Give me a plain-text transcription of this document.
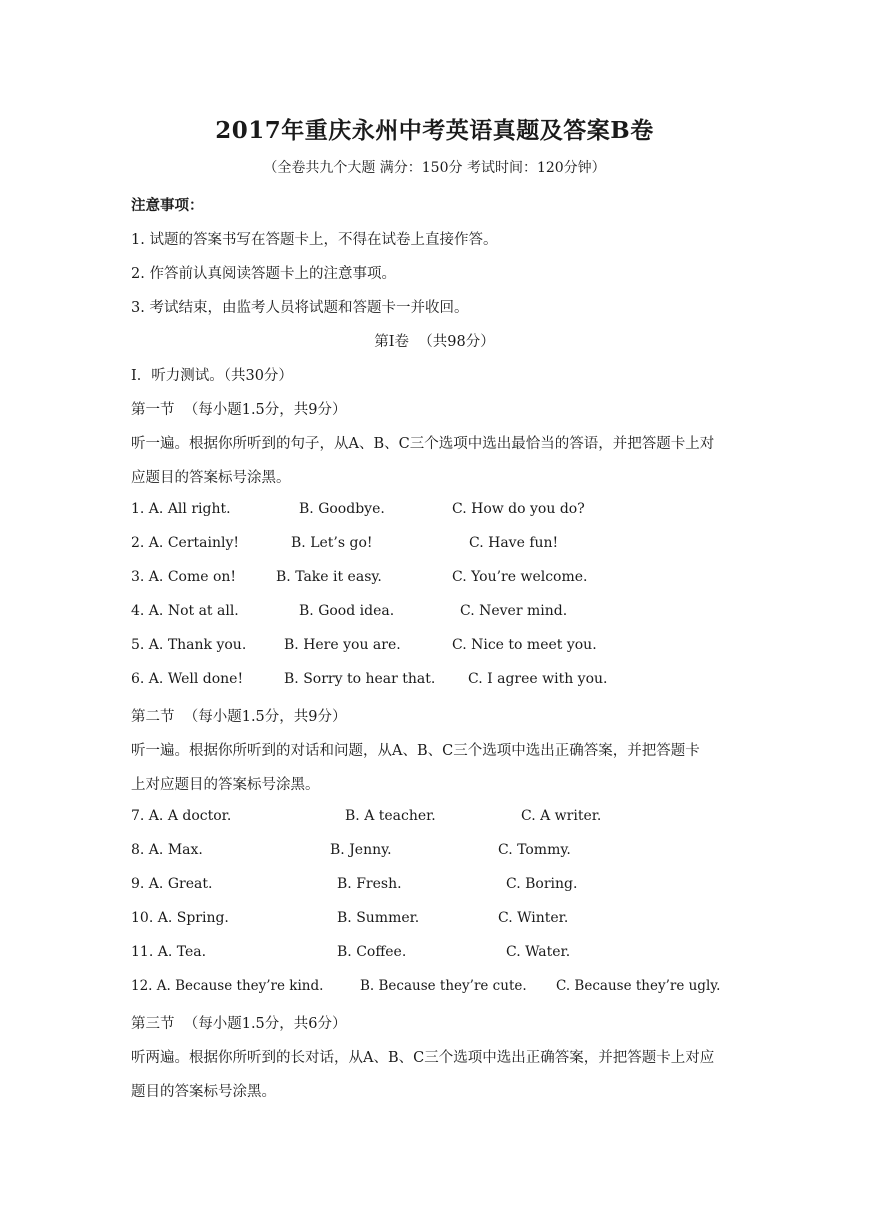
2017年重庆永州中考英语真题及答案B卷
（全卷共九个大题 满分：150分 考试时间：120分钟）
注意事项：
1. 试题的答案书写在答题卡上，不得在试卷上直接作答。
2. 作答前认真阅读答题卡上的注意事项。
3. 考试结束，由监考人员将试题和答题卡一并收回。
第Ⅰ卷  （共98分）
I．听力测试。（共30分）
第一节  （每小题1.5分，共9分）
听一遍。根据你所听到的句子，从A、B、C三个选项中选出最恰当的答语，并把答题卡上对
应题目的答案标号涂黑。
1. A. All right.	B. Goodbye.	C. How do you do?
2. A. Certainly!	B. Let’s go!	C. Have fun!
3. A. Come on!	B. Take it easy.	C. You’re welcome.
4. A. Not at all.	B. Good idea.	C. Never mind.
5. A. Thank you.	B. Here you are.	C. Nice to meet you.
6. A. Well done!	B. Sorry to hear that. C. I agree with you.
第二节  （每小题1.5分，共9分）
听一遍。根据你所听到的对话和问题，从A、B、C三个选项中选出正确答案，并把答题卡
上对应题目的答案标号涂黑。
7. A. A doctor.	B. A teacher.	C. A writer.
8. A. Max.	B. Jenny.	C. Tommy.
9. A. Great.	B. Fresh.	C. Boring.
10. A. Spring.	B. Summer.	C. Winter.
11. A. Tea.	B. Coffee.	C. Water.
12. A. Because they’re kind.	B. Because they’re cute. C. Because they’re ugly.
第三节  （每小题1.5分，共6分）
听两遍。根据你所听到的长对话，从A、B、C三个选项中选出正确答案，并把答题卡上对应
题目的答案标号涂黑。
